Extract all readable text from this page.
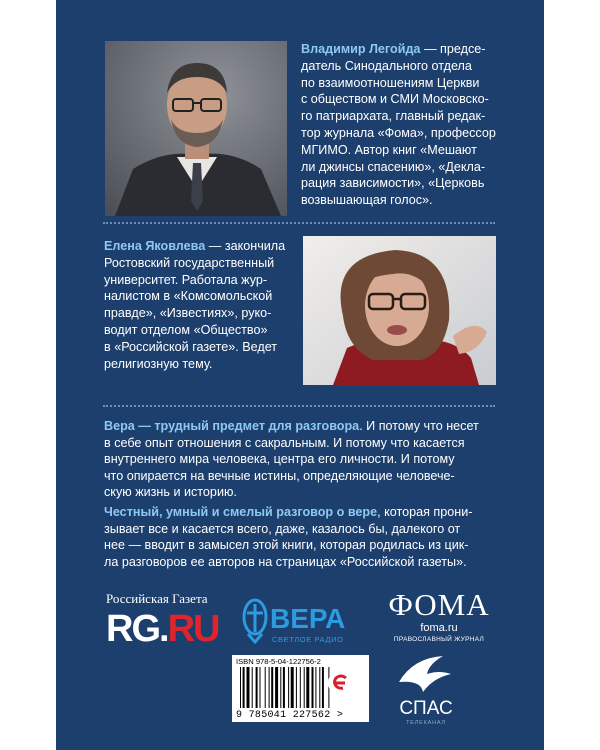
Владимир Легойда — предсе-
датель Синодального отдела
по взаимоотношениям Церкви
с обществом и СМИ Московско-
го патриархата, главный редак-
тор журнала «Фома», профессор
МГИМО. Автор книг «Мешают
ли джинсы спасению», «Декла-
рация зависимости», «Церковь
возвышающая голос».
Елена Яковлева — закончила
Ростовский государственный
университет. Работала жур-
налистом в «Комсомольской
правде», «Известиях», руко-
водит отделом «Общество»
в «Российской газете». Ведет
религиозную тему.
Вера — трудный предмет для разговора. И потому что несет
в себе опыт отношения с сакральным. И потому что касается
внутреннего мира человека, центра его личности. И потому
что опирается на вечные истины, определяющие человече-
скую жизнь и историю.
Честный, умный и смелый разговор о вере, которая прони-
зывает все и касается всего, даже, казалось бы, далекого от
нее — вводит в замысел этой книги, которая родилась из цик-
ла разговоров ее авторов на страницах «Российской газеты».
Российская Газета
RG.RU ВЕРА
СВЕТЛОЕ РАДИО
ФОМА
foma.ru
ПРАВОСЛАВНЫЙ ЖУРНАЛ
ISBN 978-5-04-122756-2
9 785041 227562 >	СПАС
ТЕЛЕКАНАЛ
